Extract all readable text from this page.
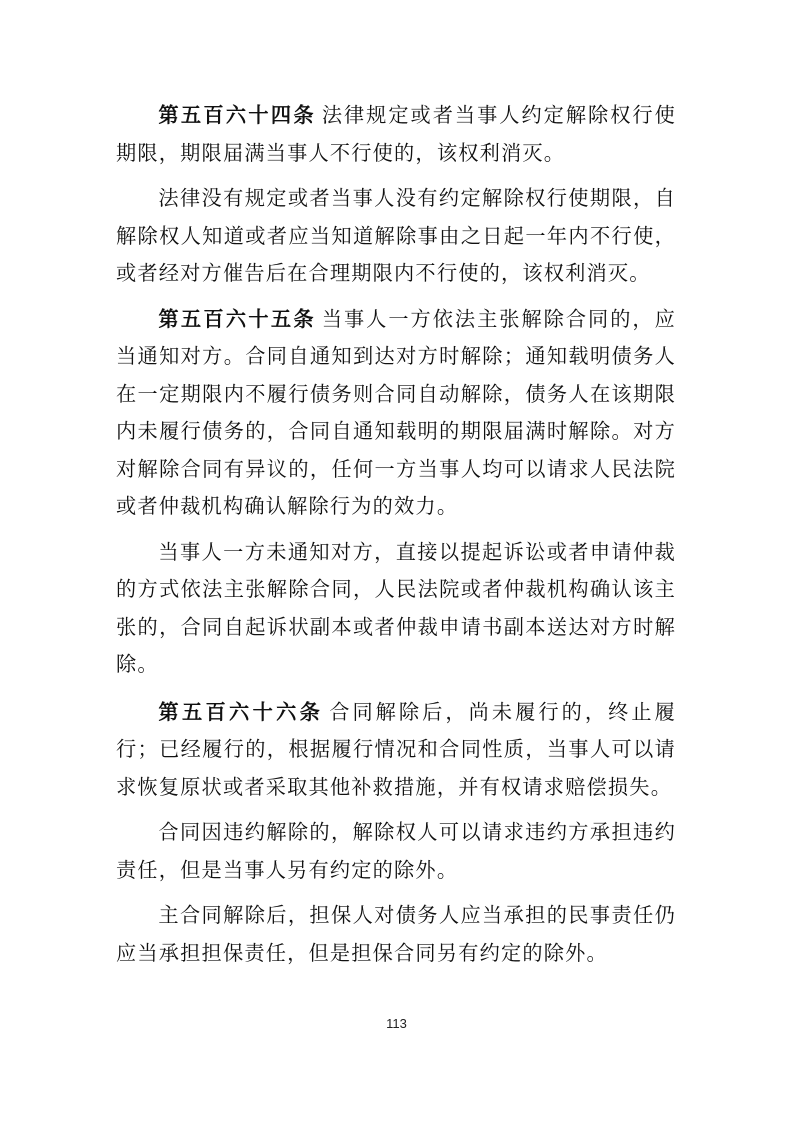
第五百六十四条 法律规定或者当事人约定解除权行使期限，期限届满当事人不行使的，该权利消灭。

法律没有规定或者当事人没有约定解除权行使期限，自解除权人知道或者应当知道解除事由之日起一年内不行使，或者经对方催告后在合理期限内不行使的，该权利消灭。

第五百六十五条 当事人一方依法主张解除合同的，应当通知对方。合同自通知到达对方时解除；通知载明债务人在一定期限内不履行债务则合同自动解除，债务人在该期限内未履行债务的，合同自通知载明的期限届满时解除。对方对解除合同有异议的，任何一方当事人均可以请求人民法院或者仲裁机构确认解除行为的效力。

当事人一方未通知对方，直接以提起诉讼或者申请仲裁的方式依法主张解除合同，人民法院或者仲裁机构确认该主张的，合同自起诉状副本或者仲裁申请书副本送达对方时解除。

第五百六十六条 合同解除后，尚未履行的，终止履行；已经履行的，根据履行情况和合同性质，当事人可以请求恢复原状或者采取其他补救措施，并有权请求赔偿损失。

合同因违约解除的，解除权人可以请求违约方承担违约责任，但是当事人另有约定的除外。

主合同解除后，担保人对债务人应当承担的民事责任仍应当承担担保责任，但是担保合同另有约定的除外。

113
